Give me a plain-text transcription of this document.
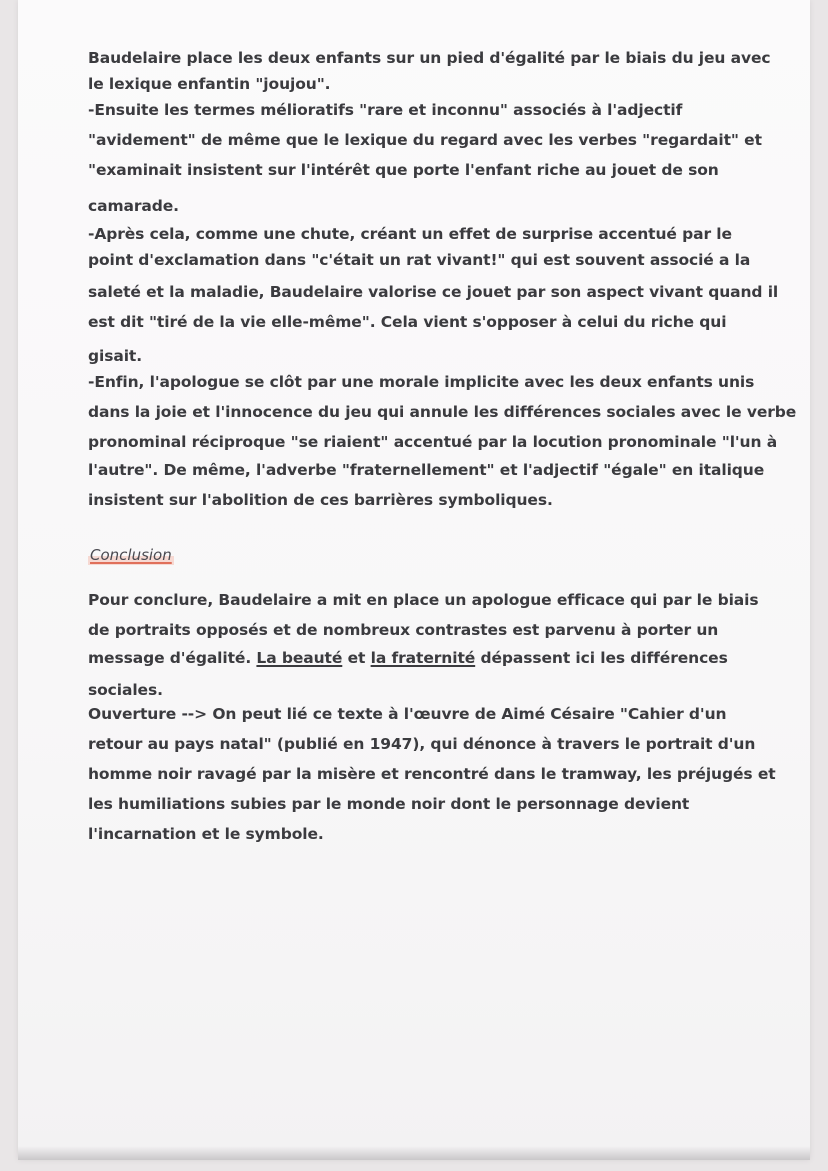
Baudelaire place les deux enfants sur un pied d'égalité par le biais du jeu avec

le lexique enfantin "joujou".

-Ensuite les termes mélioratifs "rare et inconnu" associés à l'adjectif

"avidement" de même que le lexique du regard avec les verbes "regardait" et

"examinait insistent sur l'intérêt que porte l'enfant riche au jouet de son

camarade.

-Après cela, comme une chute, créant un effet de surprise accentué par le

point d'exclamation dans "c'était un rat vivant!" qui est souvent associé a la

saleté et la maladie, Baudelaire valorise ce jouet par son aspect vivant quand il

est dit "tiré de la vie elle-même". Cela vient s'opposer à celui du riche qui

gisait.

-Enfin, l'apologue se clôt par une morale implicite avec les deux enfants unis

dans la joie et l'innocence du jeu qui annule les différences sociales avec le verbe

pronominal réciproque "se riaient" accentué par la locution pronominale "l'un à

l'autre". De même, l'adverbe "fraternellement" et l'adjectif "égale" en italique

insistent sur l'abolition de ces barrières symboliques.

Conclusion

Pour conclure, Baudelaire a mit en place un apologue efficace qui par le biais

de portraits opposés et de nombreux contrastes est parvenu à porter un

message d'égalité. La beauté et la fraternité dépassent ici les différences

sociales.

Ouverture --> On peut lié ce texte à l'œuvre de Aimé Césaire "Cahier d'un

retour au pays natal" (publié en 1947), qui dénonce à travers le portrait d'un

homme noir ravagé par la misère et rencontré dans le tramway, les préjugés et

les humiliations subies par le monde noir dont le personnage devient

l'incarnation et le symbole.
